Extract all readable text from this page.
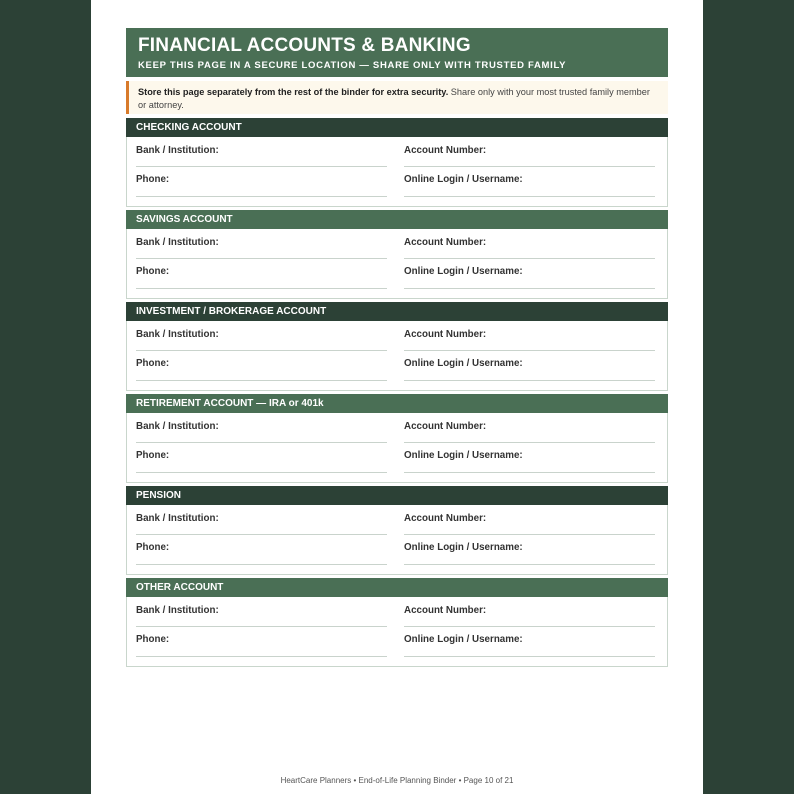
FINANCIAL ACCOUNTS & BANKING
KEEP THIS PAGE IN A SECURE LOCATION — SHARE ONLY WITH TRUSTED FAMILY
Store this page separately from the rest of the binder for extra security. Share only with your most trusted family member or attorney.
CHECKING ACCOUNT
Bank / Institution:	Account Number:
Phone:	Online Login / Username:
SAVINGS ACCOUNT
Bank / Institution:	Account Number:
Phone:	Online Login / Username:
INVESTMENT / BROKERAGE ACCOUNT
Bank / Institution:	Account Number:
Phone:	Online Login / Username:
RETIREMENT ACCOUNT — IRA or 401k
Bank / Institution:	Account Number:
Phone:	Online Login / Username:
PENSION
Bank / Institution:	Account Number:
Phone:	Online Login / Username:
OTHER ACCOUNT
Bank / Institution:	Account Number:
Phone:	Online Login / Username:
HeartCare Planners • End-of-Life Planning Binder • Page 10 of 21
